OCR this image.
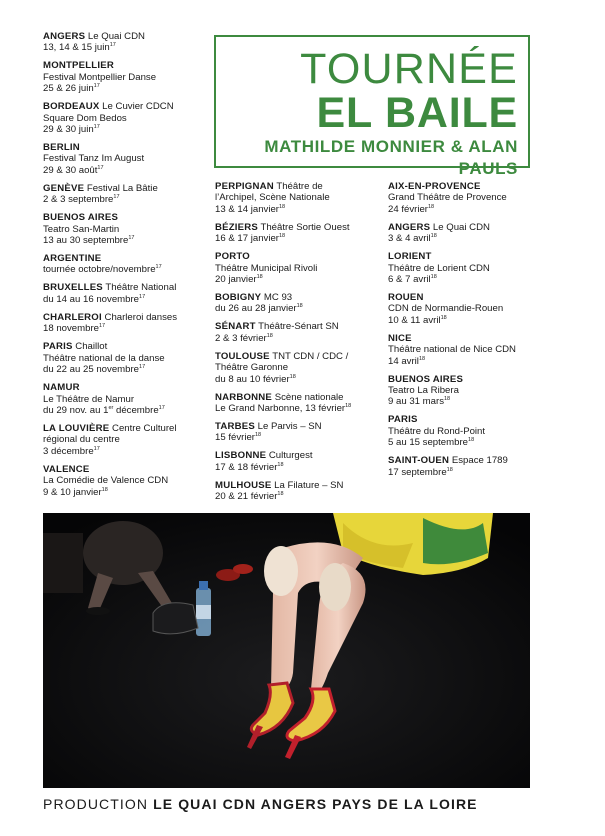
ANGERS Le Quai CDN
13, 14 & 15 juin$^{17}$
MONTPELLIER
Festival Montpellier Danse
25 & 26 juin$^{17}$
BORDEAUX Le Cuvier CDCN
Square Dom Bedos
29 & 30 juin$^{17}$
BERLIN
Festival Tanz Im August
29 & 30 août$^{17}$
GENÈVE Festival La Bâtie
2 & 3 septembre$^{17}$
BUENOS AIRES
Teatro San-Martin
13 au 30 septembre$^{17}$
ARGENTINE
tournée octobre/novembre$^{17}$
BRUXELLES Théâtre National
du 14 au 16 novembre$^{17}$
CHARLEROI Charleroi danses
18 novembre$^{17}$
PARIS Chaillot
Théâtre national de la danse
du 22 au 25 novembre$^{17}$
NAMUR
Le Théâtre de Namur
du 29 nov. au 1er décembre$^{17}$
LA LOUVIÈRE Centre Culturel
régional du centre
3 décembre$^{17}$
VALENCE
La Comédie de Valence CDN
9 & 10 janvier$^{18}$
TOURNÉE
EL BAILE
MATHILDE MONNIER & ALAN PAULS
PERPIGNAN Théâtre de
l’Archipel, Scène Nationale
13 & 14 janvier$^{18}$
BÉZIERS Théâtre Sortie Ouest
16 & 17 janvier$^{18}$
PORTO
Théâtre Municipal Rivoli
20 janvier$^{18}$
BOBIGNY MC 93
du 26 au 28 janvier$^{18}$
SÉNART Théâtre-Sénart SN
2 & 3 février$^{18}$
TOULOUSE TNT CDN / CDC /
Théâtre Garonne
du 8 au 10 février$^{18}$
NARBONNE Scène nationale
Le Grand Narbonne, 13 février$^{18}$
TARBES Le Parvis – SN
15 février$^{18}$
LISBONNE Culturgest
17 & 18 février$^{18}$
MULHOUSE La Filature – SN
20 & 21 février$^{18}$
AIX-EN-PROVENCE
Grand Théâtre de Provence
24 février$^{18}$
ANGERS Le Quai CDN
3 & 4 avril$^{18}$
LORIENT
Théâtre de Lorient CDN
6 & 7 avril$^{18}$
ROUEN
CDN de Normandie-Rouen
10 & 11 avril$^{18}$
NICE
Théâtre national de Nice CDN
14 avril$^{18}$
BUENOS AIRES
Teatro La Ribera
9 au 31 mars$^{18}$
PARIS
Théâtre du Rond-Point
5 au 15 septembre$^{18}$
SAINT-OUEN Espace 1789
17 septembre$^{18}$
PRODUCTION LE QUAI CDN ANGERS PAYS DE LA LOIRE
